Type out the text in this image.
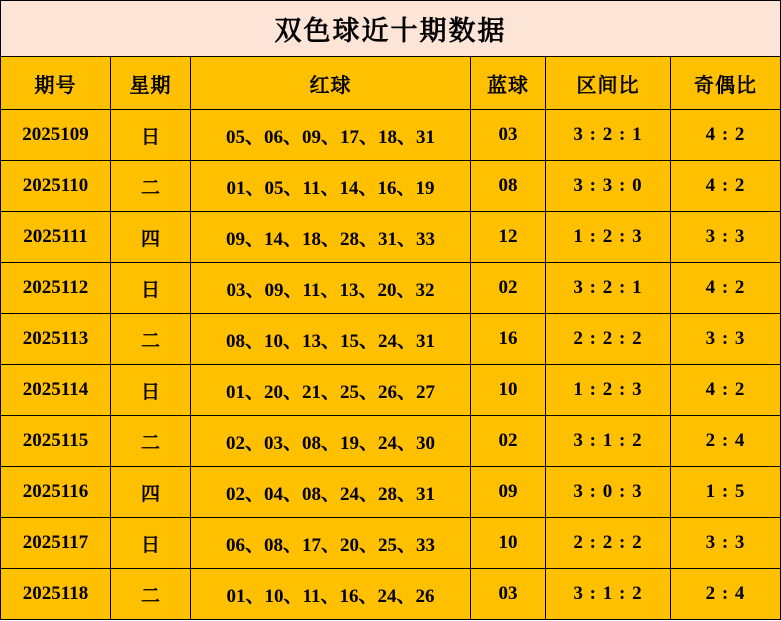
双色球近十期数据					
期号	星期	红球	蓝球	区间比	奇偶比
2025109	日	05、06、09、17、18、31	03	3 : 2 : 1	4 : 2
2025110	二	01、05、11、14、16、19	08	3 : 3 : 0	4 : 2
2025111	四	09、14、18、28、31、33	12	1 : 2 : 3	3 : 3
2025112	日	03、09、11、13、20、32	02	3 : 2 : 1	4 : 2
2025113	二	08、10、13、15、24、31	16	2 : 2 : 2	3 : 3
2025114	日	01、20、21、25、26、27	10	1 : 2 : 3	4 : 2
2025115	二	02、03、08、19、24、30	02	3 : 1 : 2	2 : 4
2025116	四	02、04、08、24、28、31	09	3 : 0 : 3	1 : 5
2025117	日	06、08、17、20、25、33	10	2 : 2 : 2	3 : 3
2025118	二	01、10、11、16、24、26	03	3 : 1 : 2	2 : 4
